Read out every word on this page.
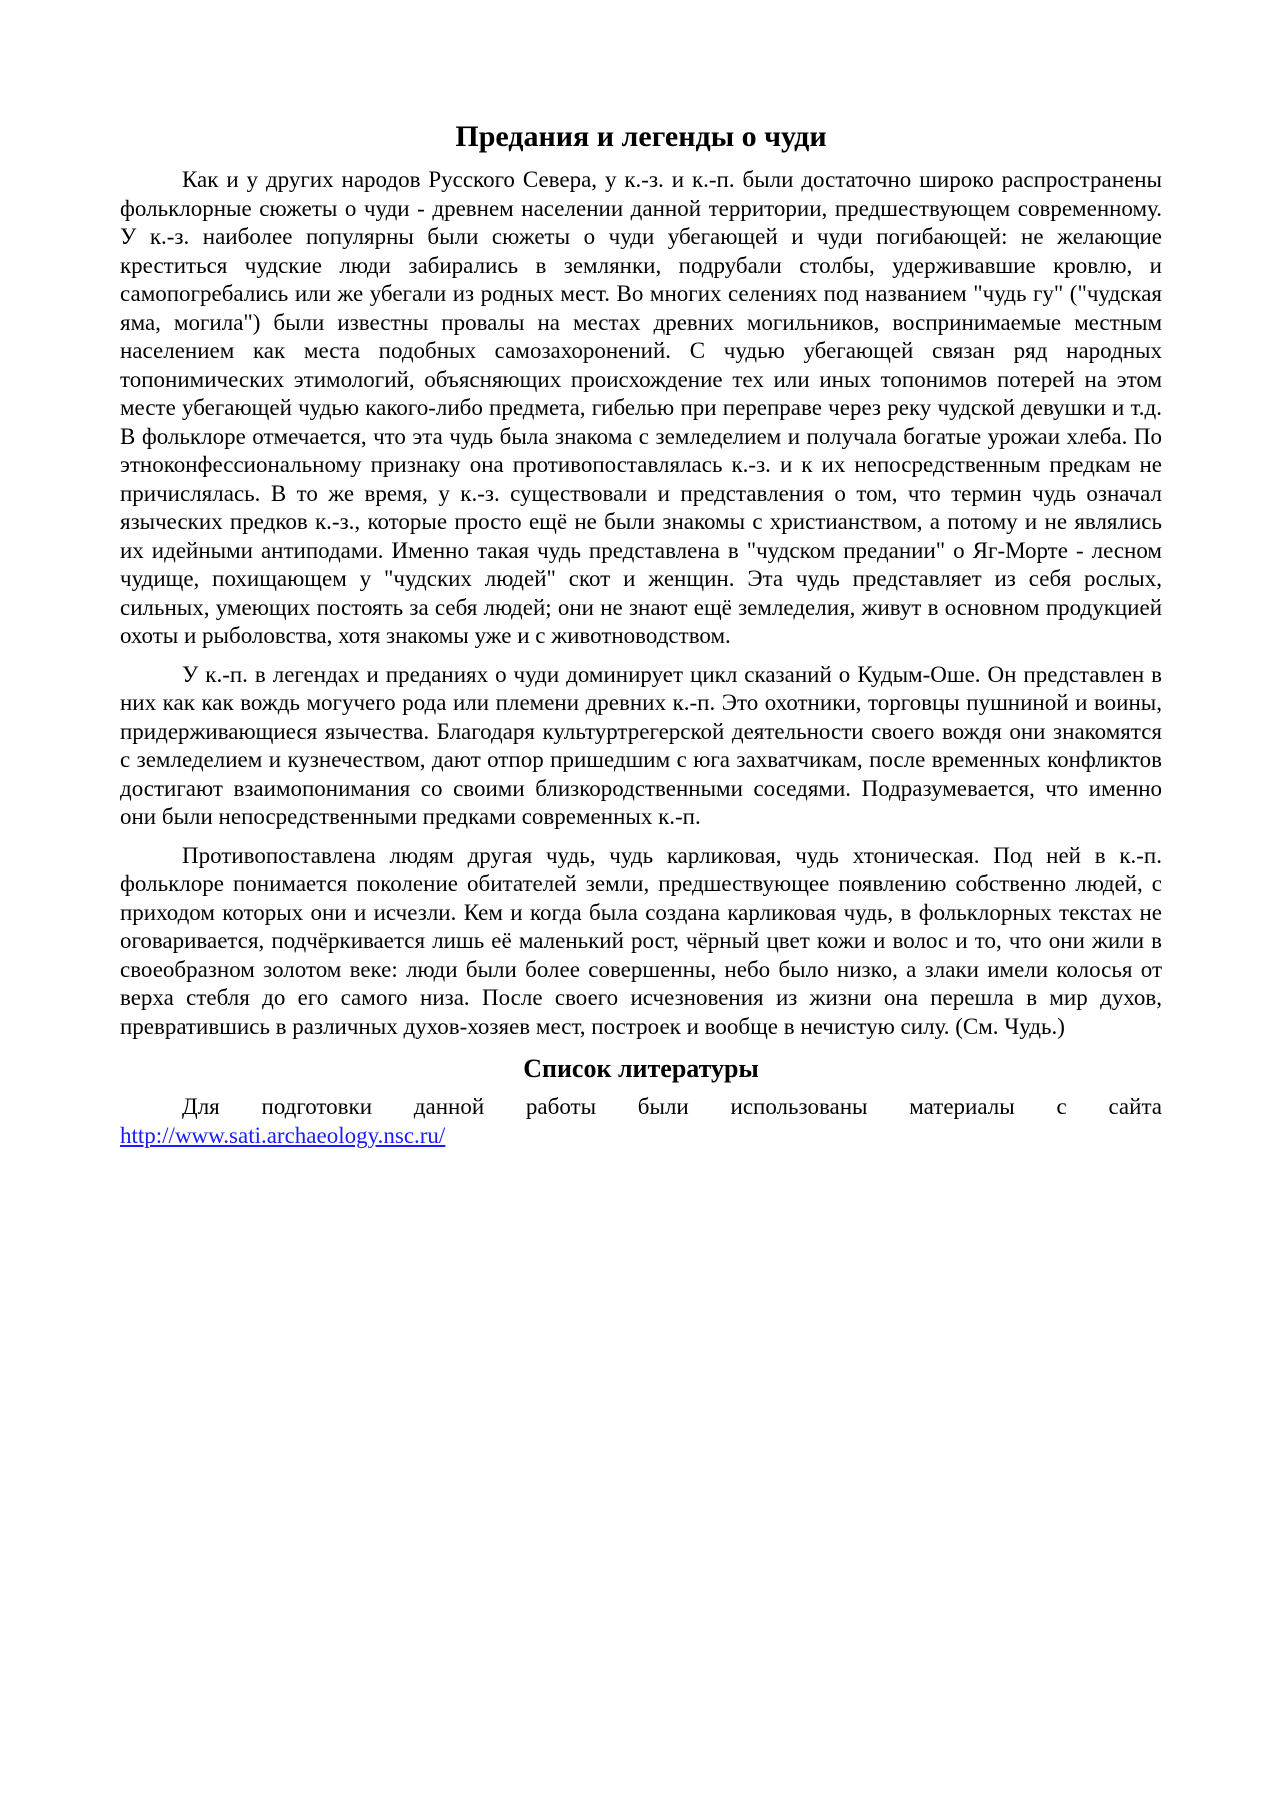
Предания и легенды о чуди

Как и у других народов Русского Севера, у к.-з. и к.-п. были достаточно широко распространены фольклорные сюжеты о чуди - древнем населении данной территории, предшествующем современному. У к.-з. наиболее популярны были сюжеты о чуди убегающей и чуди погибающей: не желающие креститься чудские люди забирались в землянки, подрубали столбы, удерживавшие кровлю, и самопогребались или же убегали из родных мест. Во многих селениях под названием "чудь гу" ("чудская яма, могила") были известны провалы на местах древних могильников, воспринимаемые местным населением как места подобных самозахоронений. С чудью убегающей связан ряд народных топонимических этимологий, объясняющих происхождение тех или иных топонимов потерей на этом месте убегающей чудью какого-либо предмета, гибелью при переправе через реку чудской девушки и т.д. В фольклоре отмечается, что эта чудь была знакома с земледелием и получала богатые урожаи хлеба. По этноконфессиональному признаку она противопоставлялась к.-з. и к их непосредственным предкам не причислялась. В то же время, у к.-з. существовали и представления о том, что термин чудь означал языческих предков к.-з., которые просто ещё не были знакомы с христианством, а потому и не являлись их идейными антиподами. Именно такая чудь представлена в "чудском предании" о Яг-Морте - лесном чудище, похищающем у "чудских людей" скот и женщин. Эта чудь представляет из себя рослых, сильных, умеющих постоять за себя людей; они не знают ещё земледелия, живут в основном продукцией охоты и рыболовства, хотя знакомы уже и с животноводством.

У к.-п. в легендах и преданиях о чуди доминирует цикл сказаний о Кудым-Оше. Он представлен в них как как вождь могучего рода или племени древних к.-п. Это охотники, торговцы пушниной и воины, придерживающиеся язычества. Благодаря культуртрегерской деятельности своего вождя они знакомятся с земледелием и кузнечеством, дают отпор пришедшим с юга захватчикам, после временных конфликтов достигают взаимопонимания со своими близкородственными соседями. Подразумевается, что именно они были непосредственными предками современных к.-п.

Противопоставлена людям другая чудь, чудь карликовая, чудь хтоническая. Под ней в к.-п. фольклоре понимается поколение обитателей земли, предшествующее появлению собственно людей, с приходом которых они и исчезли. Кем и когда была создана карликовая чудь, в фольклорных текстах не оговаривается, подчёркивается лишь её маленький рост, чёрный цвет кожи и волос и то, что они жили в своеобразном золотом веке: люди были более совершенны, небо было низко, а злаки имели колосья от верха стебля до его самого низа. После своего исчезновения из жизни она перешла в мир духов, превратившись в различных духов-хозяев мест, построек и вообще в нечистую силу. (См. Чудь.)

Список литературы

Для подготовки данной работы были использованы материалы с сайта http://www.sati.archaeology.nsc.ru/
